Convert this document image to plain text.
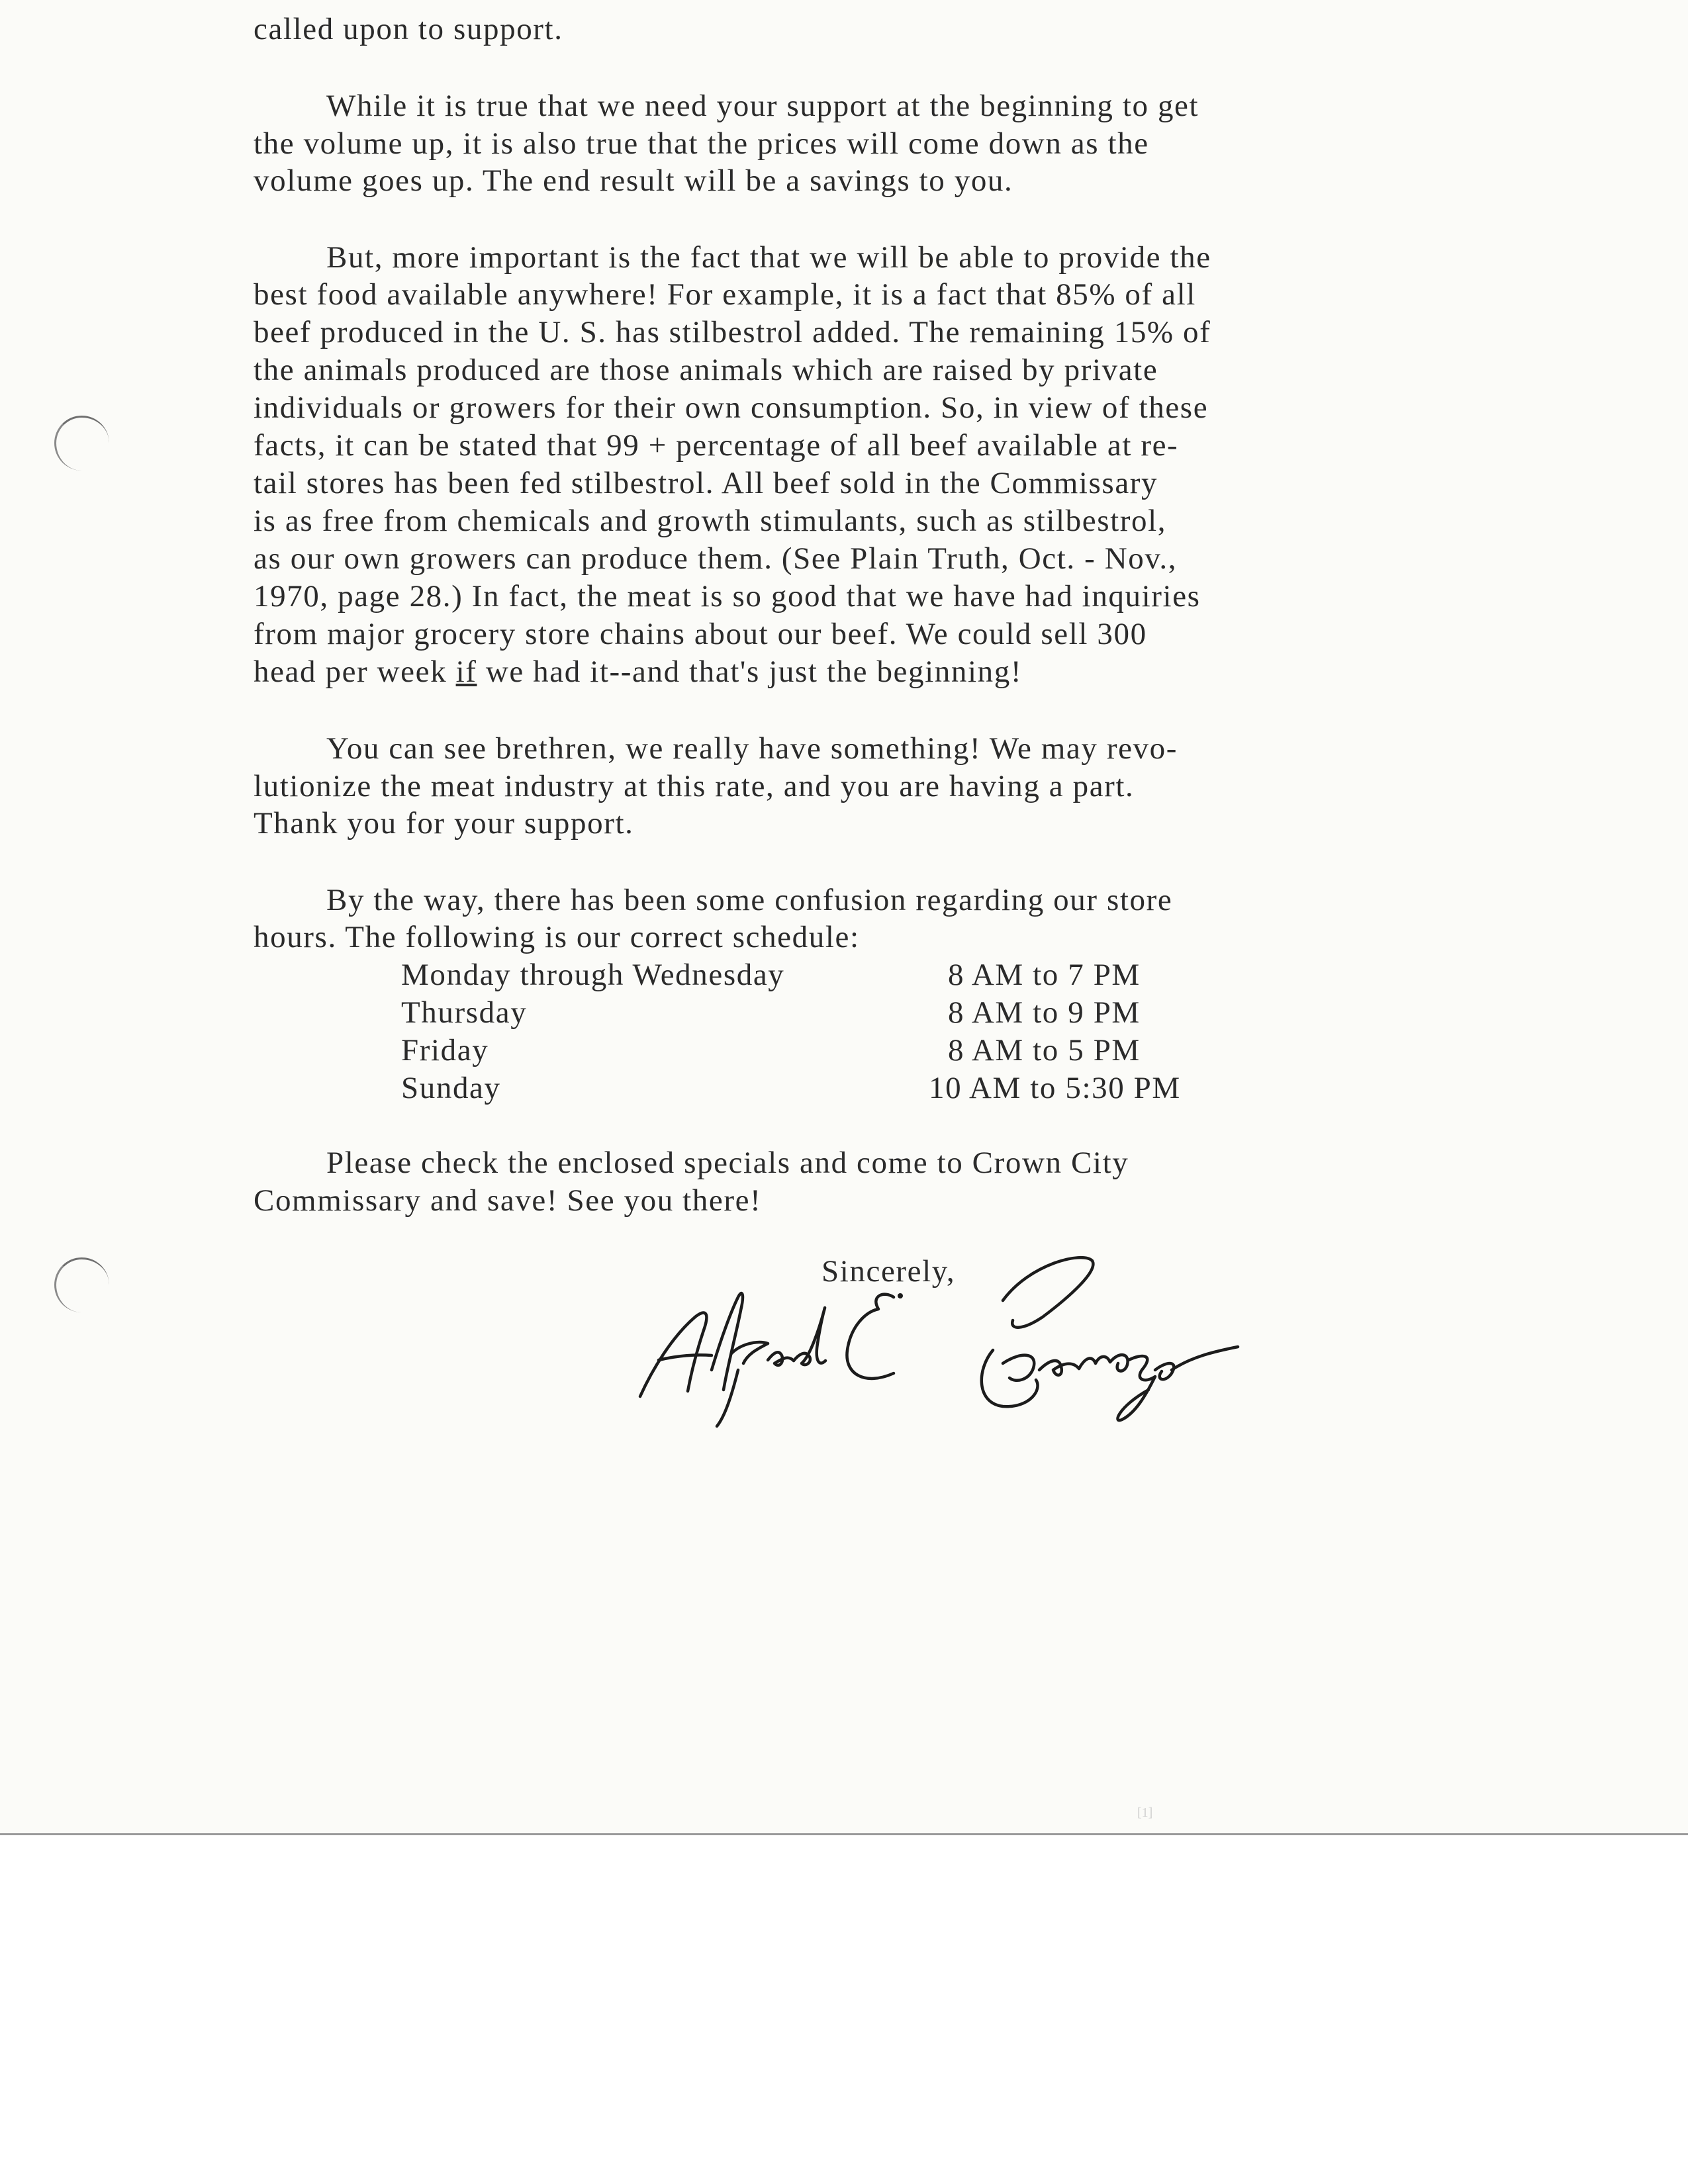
called upon to support.
While it is true that we need your support at the beginning to get
the volume up, it is also true that the prices will come down as the
volume goes up. The end result will be a savings to you.
But, more important is the fact that we will be able to provide the
best food available anywhere! For example, it is a fact that 85% of all
beef produced in the U. S. has stilbestrol added. The remaining 15% of
the animals produced are those animals which are raised by private
individuals or growers for their own consumption. So, in view of these
facts, it can be stated that 99 + percentage of all beef available at re-
tail stores has been fed stilbestrol. All beef sold in the Commissary
is as free from chemicals and growth stimulants, such as stilbestrol,
as our own growers can produce them. (See Plain Truth, Oct. - Nov.,
1970, page 28.) In fact, the meat is so good that we have had inquiries
from major grocery store chains about our beef. We could sell 300
head per week if we had it--and that's just the beginning!
You can see brethren, we really have something! We may revo-
lutionize the meat industry at this rate, and you are having a part.
Thank you for your support.
By the way, there has been some confusion regarding our store
hours. The following is our correct schedule:
Monday through Wednesday	8 AM to 7 PM
Thursday	8 AM to 9 PM
Friday	8 AM to 5 PM
Sunday	10 AM to 5:30 PM
Please check the enclosed specials and come to Crown City
Commissary and save! See you there!
Sincerely,
[1]
